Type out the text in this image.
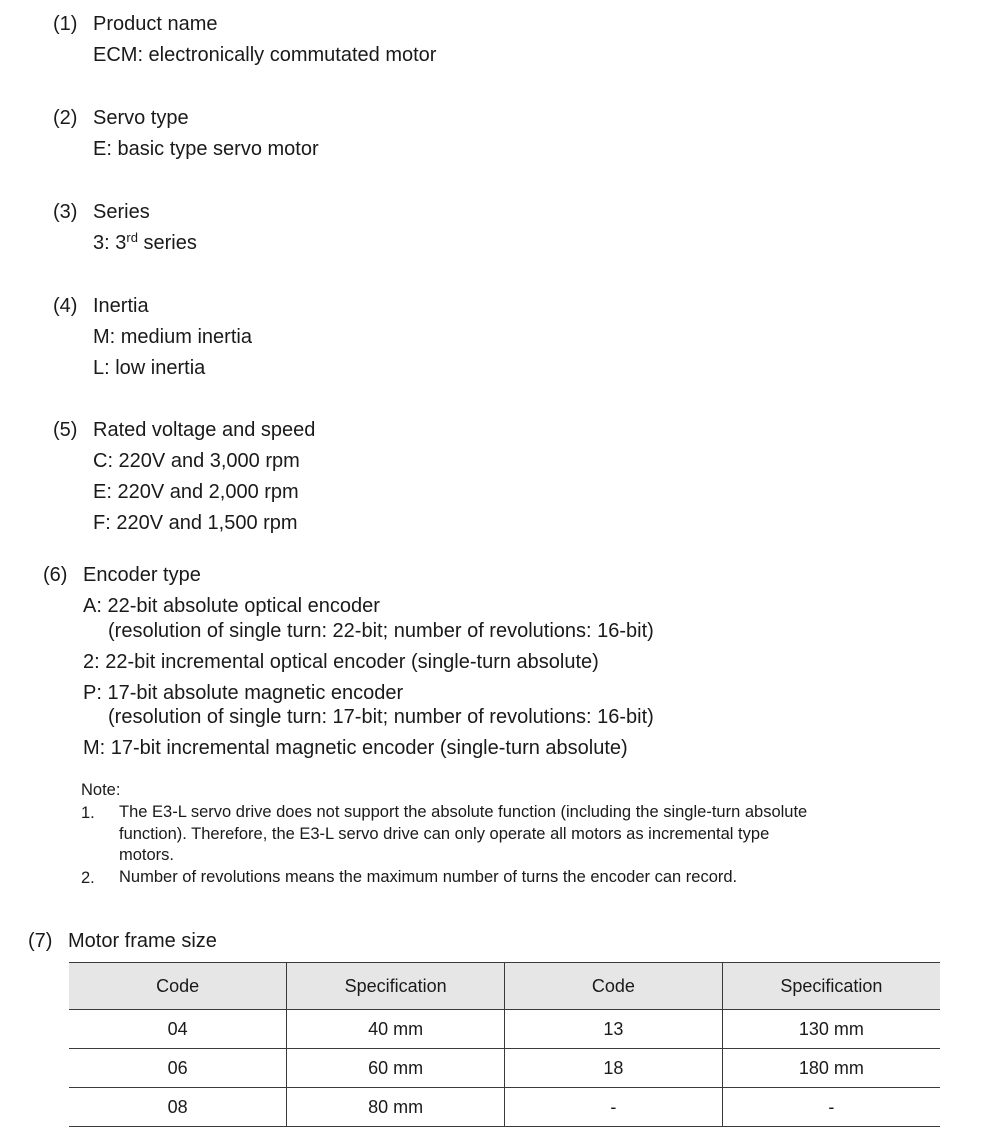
(1) Product name
ECM: electronically commutated motor
(2) Servo type
E: basic type servo motor
(3) Series
3: 3rd series
(4) Inertia
M: medium inertia
L: low inertia
(5) Rated voltage and speed
C: 220V and 3,000 rpm
E: 220V and 2,000 rpm
F: 220V and 1,500 rpm
(6) Encoder type
A: 22-bit absolute optical encoder
(resolution of single turn: 22-bit; number of revolutions: 16-bit)
2: 22-bit incremental optical encoder (single-turn absolute)
P: 17-bit absolute magnetic encoder
(resolution of single turn: 17-bit; number of revolutions: 16-bit)
M: 17-bit incremental magnetic encoder (single-turn absolute)
Note:
1. The E3-L servo drive does not support the absolute function (including the single-turn absolute
function). Therefore, the E3-L servo drive can only operate all motors as incremental type
motors.
2. Number of revolutions means the maximum number of turns the encoder can record.
(7) Motor frame size
Code	Specification	Code	Specification
04	40 mm	13	130 mm
06	60 mm	18	180 mm
08	80 mm	-	-
